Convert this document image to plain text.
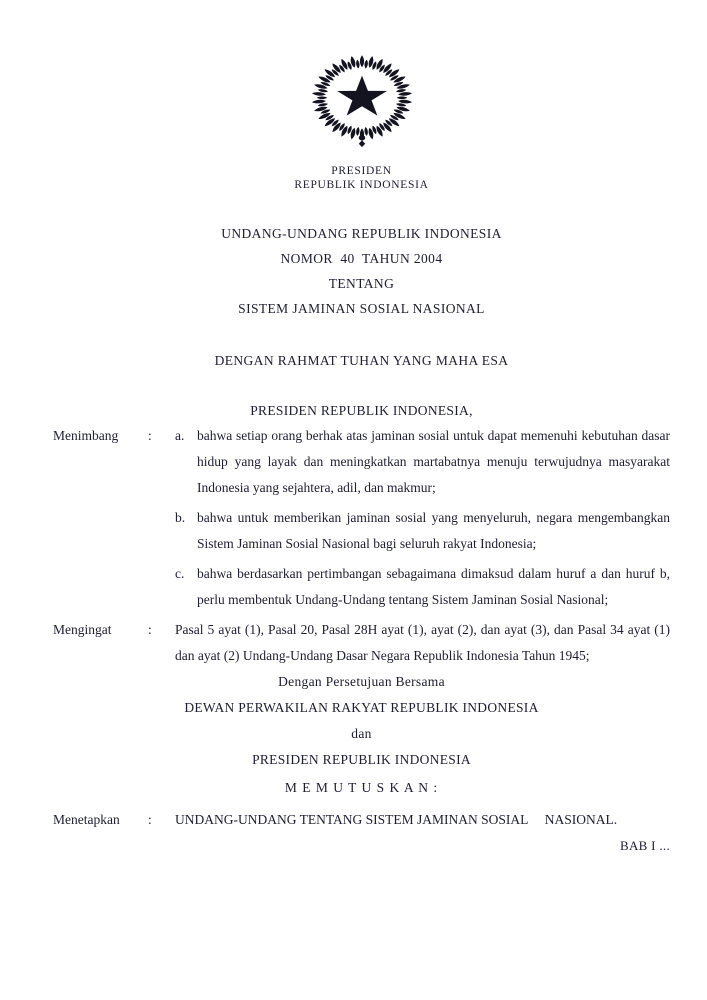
PRESIDEN
REPUBLIK INDONESIA
UNDANG-UNDANG REPUBLIK INDONESIA
NOMOR  40  TAHUN 2004
TENTANG
SISTEM JAMINAN SOSIAL NASIONAL
DENGAN RAHMAT TUHAN YANG MAHA ESA
PRESIDEN REPUBLIK INDONESIA,
Menimbang	:	a. bahwa setiap orang berhak atas jaminan sosial untuk dapat memenuhi kebutuhan dasar hidup yang layak dan meningkatkan martabatnya menuju terwujudnya masyarakat Indonesia yang sejahtera, adil, dan makmur;
b. bahwa untuk memberikan jaminan sosial yang menyeluruh, negara mengembangkan Sistem Jaminan Sosial Nasional bagi seluruh rakyat Indonesia;
c. bahwa berdasarkan pertimbangan sebagaimana dimaksud dalam huruf a dan huruf b, perlu membentuk Undang-Undang tentang Sistem Jaminan Sosial Nasional;
Mengingat	:	Pasal 5 ayat (1), Pasal 20, Pasal 28H ayat (1), ayat (2), dan ayat (3), dan Pasal 34 ayat (1) dan ayat (2) Undang-Undang Dasar Negara Republik Indonesia Tahun 1945;
Dengan Persetujuan Bersama
DEWAN PERWAKILAN RAKYAT REPUBLIK INDONESIA
dan
PRESIDEN REPUBLIK INDONESIA
M E M U T U S K A N :
Menetapkan	:	UNDANG-UNDANG TENTANG SISTEM JAMINAN SOSIAL     NASIONAL.
BAB I ...
